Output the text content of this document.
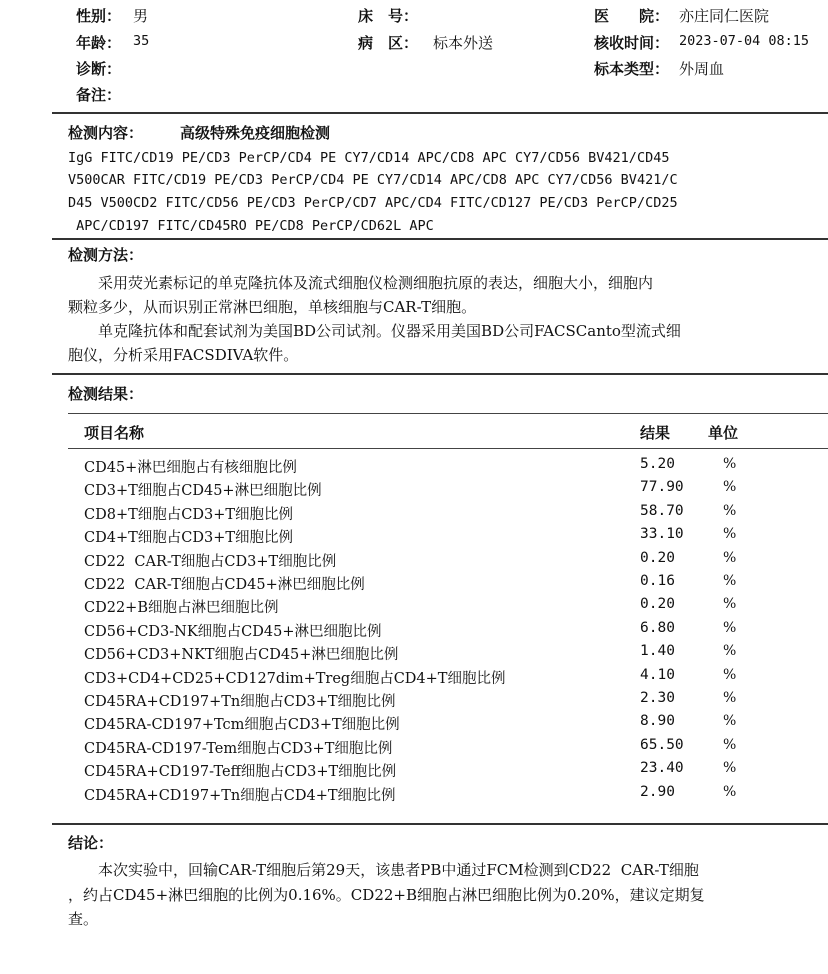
性别： 男
年龄： 35
诊断：
备注：
床　号：
病　区： 标本外送
医　　院： 亦庄同仁医院
核收时间： 2023-07-04 08:15
标本类型： 外周血
检测内容： 高级特殊免疫细胞检测
IgG FITC/CD19 PE/CD3 PerCP/CD4 PE CY7/CD14 APC/CD8 APC CY7/CD56 BV421/CD45
V500CAR FITC/CD19 PE/CD3 PerCP/CD4 PE CY7/CD14 APC/CD8 APC CY7/CD56 BV421/C
D45 V500CD2 FITC/CD56 PE/CD3 PerCP/CD7 APC/CD4 FITC/CD127 PE/CD3 PerCP/CD25
APC/CD197 FITC/CD45RO PE/CD8 PerCP/CD62L APC
检测方法：
　　采用荧光素标记的单克隆抗体及流式细胞仪检测细胞抗原的表达，细胞大小，细胞内
颗粒多少，从而识别正常淋巴细胞，单核细胞与CAR-T细胞。
　　单克隆抗体和配套试剂为美国BD公司试剂。仪器采用美国BD公司FACSCanto型流式细
胞仪，分析采用FACSDIVA软件。
检测结果：
项目名称	结果	单位
CD45+淋巴细胞占有核细胞比例	5.20	%
CD3+T细胞占CD45+淋巴细胞比例	77.90	%
CD8+T细胞占CD3+T细胞比例	58.70	%
CD4+T细胞占CD3+T细胞比例	33.10	%
CD22  CAR-T细胞占CD3+T细胞比例	0.20	%
CD22  CAR-T细胞占CD45+淋巴细胞比例	0.16	%
CD22+B细胞占淋巴细胞比例	0.20	%
CD56+CD3-NK细胞占CD45+淋巴细胞比例	6.80	%
CD56+CD3+NKT细胞占CD45+淋巴细胞比例	1.40	%
CD3+CD4+CD25+CD127dim+Treg细胞占CD4+T细胞比例	4.10	%
CD45RA+CD197+Tn细胞占CD3+T细胞比例	2.30	%
CD45RA-CD197+Tcm细胞占CD3+T细胞比例	8.90	%
CD45RA-CD197-Tem细胞占CD3+T细胞比例	65.50	%
CD45RA+CD197-Teff细胞占CD3+T细胞比例	23.40	%
CD45RA+CD197+Tn细胞占CD4+T细胞比例	2.90	%
结论：
　　本次实验中，回输CAR-T细胞后第29天，该患者PB中通过FCM检测到CD22  CAR-T细胞
，约占CD45+淋巴细胞的比例为0.16%。CD22+B细胞占淋巴细胞比例为0.20%，建议定期复
查。
